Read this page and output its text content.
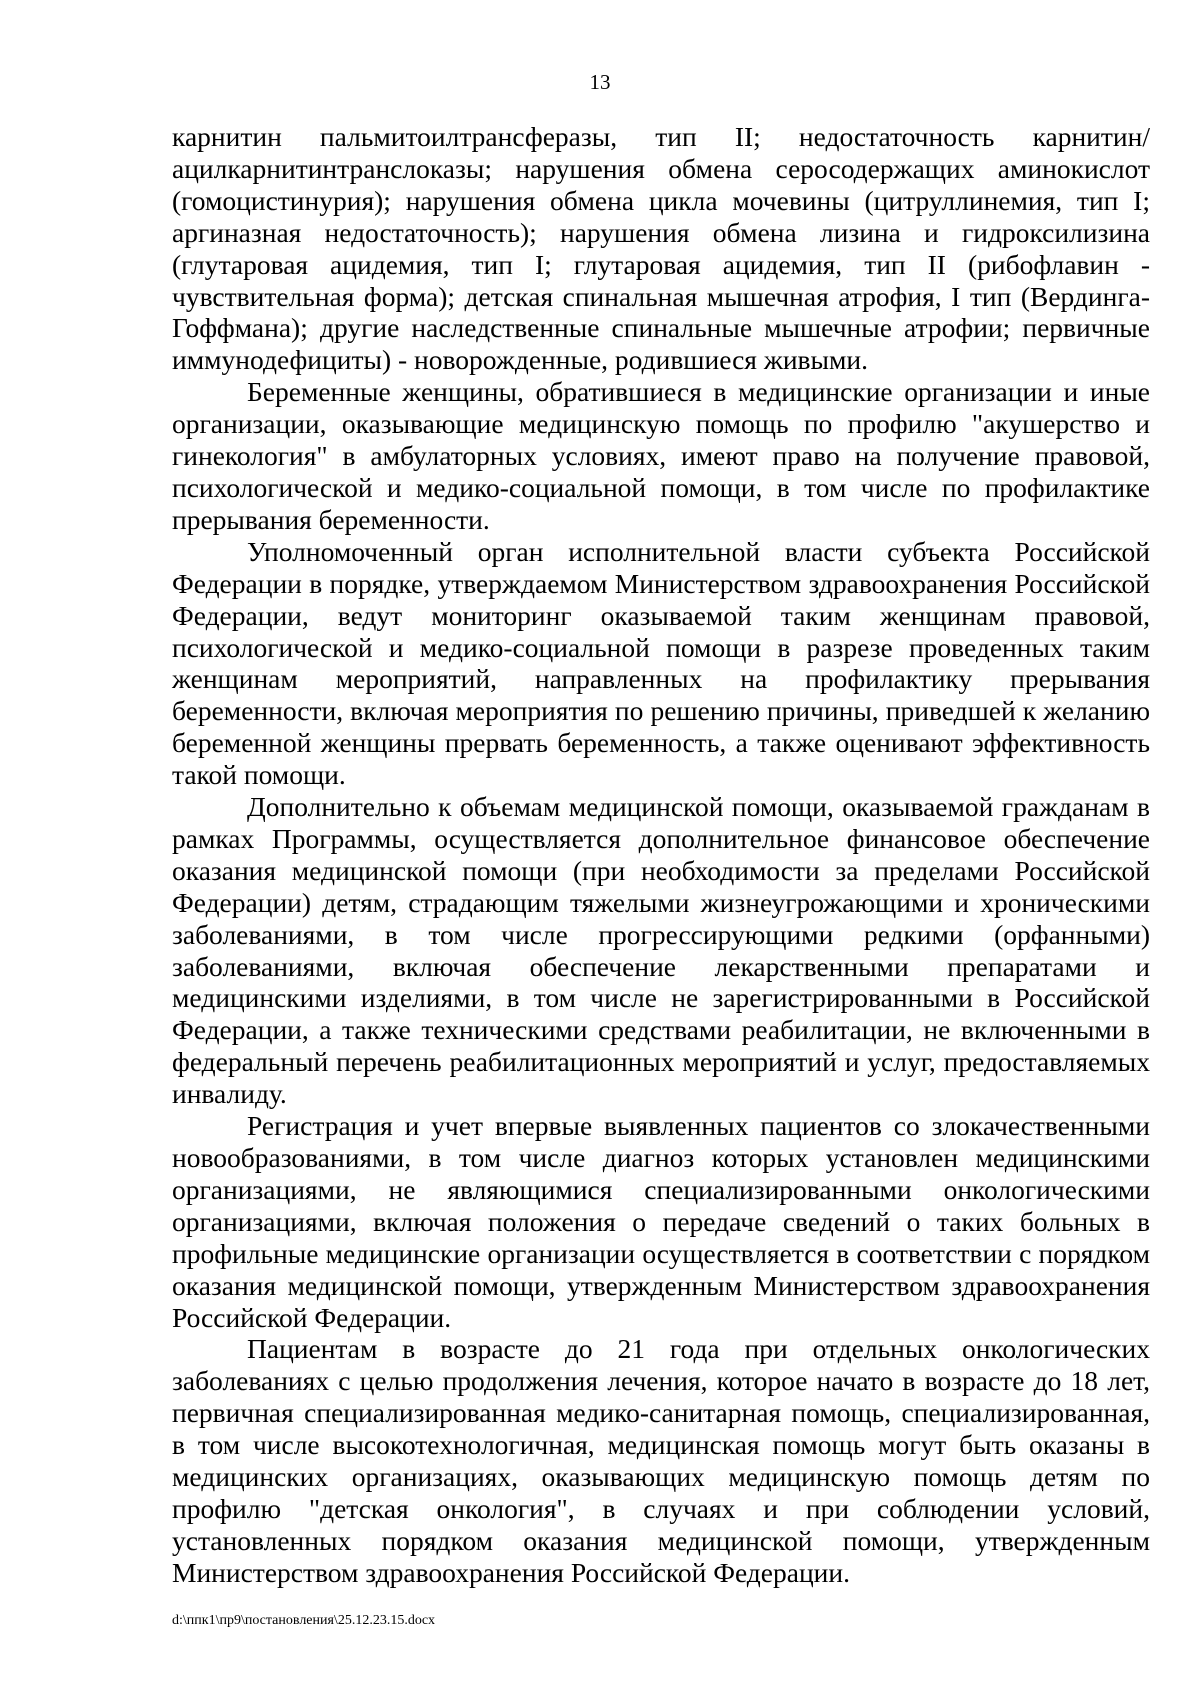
13

карнитин пальмитоилтрансферазы, тип II; недостаточность карнитин/ ацилкарнитинтранслоказы; нарушения обмена серосодержащих аминокислот (гомоцистинурия); нарушения обмена цикла мочевины (цитруллинемия, тип I; аргиназная недостаточность); нарушения обмена лизина и гидроксилизина (глутаровая ацидемия, тип I; глутаровая ацидемия, тип II (рибофлавин - чувствительная форма); детская спинальная мышечная атрофия, I тип (Вердинга-Гоффмана); другие наследственные спинальные мышечные атрофии; первичные иммунодефициты) - новорожденные, родившиеся живыми.

Беременные женщины, обратившиеся в медицинские организации и иные организации, оказывающие медицинскую помощь по профилю "акушерство и гинекология" в амбулаторных условиях, имеют право на получение правовой, психологической и медико-социальной помощи, в том числе по профилактике прерывания беременности.

Уполномоченный орган исполнительной власти субъекта Российской Федерации в порядке, утверждаемом Министерством здравоохранения Российской Федерации, ведут мониторинг оказываемой таким женщинам правовой, психологической и медико-социальной помощи в разрезе проведенных таким женщинам мероприятий, направленных на профилактику прерывания беременности, включая мероприятия по решению причины, приведшей к желанию беременной женщины прервать беременность, а также оценивают эффективность такой помощи.

Дополнительно к объемам медицинской помощи, оказываемой гражданам в рамках Программы, осуществляется дополнительное финансовое обеспечение оказания медицинской помощи (при необходимости за пределами Российской Федерации) детям, страдающим тяжелыми жизнеугрожающими и хроническими заболеваниями, в том числе прогрессирующими редкими (орфанными) заболеваниями, включая обеспечение лекарственными препаратами и медицинскими изделиями, в том числе не зарегистрированными в Российской Федерации, а также техническими средствами реабилитации, не включенными в федеральный перечень реабилитационных мероприятий и услуг, предоставляемых инвалиду.

Регистрация и учет впервые выявленных пациентов со злокачественными новообразованиями, в том числе диагноз которых установлен медицинскими организациями, не являющимися специализированными онкологическими организациями, включая положения о передаче сведений о таких больных в профильные медицинские организации осуществляется в соответствии с порядком оказания медицинской помощи, утвержденным Министерством здравоохранения Российской Федерации.

Пациентам в возрасте до 21 года при отдельных онкологических заболеваниях с целью продолжения лечения, которое начато в возрасте до 18 лет, первичная специализированная медико-санитарная помощь, специализированная, в том числе высокотехнологичная, медицинская помощь могут быть оказаны в медицинских организациях, оказывающих медицинскую помощь детям по профилю "детская онкология", в случаях и при соблюдении условий, установленных порядком оказания медицинской помощи, утвержденным Министерством здравоохранения Российской Федерации.

d:\ппк1\пр9\постановления\25.12.23.15.docx
